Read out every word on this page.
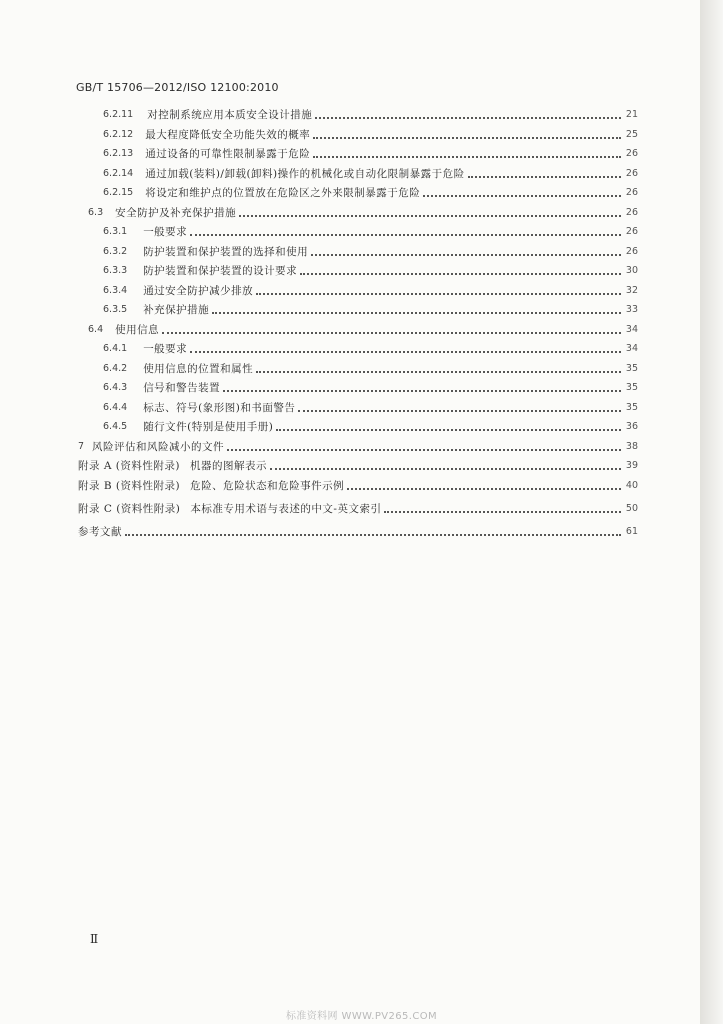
GB/T 15706—2012/ISO 12100:2010
6.2.11 对控制系统应用本质安全设计措施	21
6.2.12 最大程度降低安全功能失效的概率	25
6.2.13 通过设备的可靠性限制暴露于危险	26
6.2.14 通过加载(装料)/卸载(卸料)操作的机械化或自动化限制暴露于危险	26
6.2.15 将设定和维护点的位置放在危险区之外来限制暴露于危险	26
6.3 安全防护及补充保护措施	26
6.3.1 一般要求	26
6.3.2 防护装置和保护装置的选择和使用	26
6.3.3 防护装置和保护装置的设计要求	30
6.3.4 通过安全防护减少排放	32
6.3.5 补充保护措施	33
6.4 使用信息	34
6.4.1 一般要求	34
6.4.2 使用信息的位置和属性	35
6.4.3 信号和警告装置	35
6.4.4 标志、符号(象形图)和书面警告	35
6.4.5 随行文件(特别是使用手册)	36
7 风险评估和风险减小的文件	38
附录 A (资料性附录) 机器的图解表示	39
附录 B (资料性附录) 危险、危险状态和危险事件示例	40
附录 C (资料性附录) 本标准专用术语与表述的中文-英文索引	50
参考文献	61
Ⅱ
标准资料网 WWW.PV265.COM
